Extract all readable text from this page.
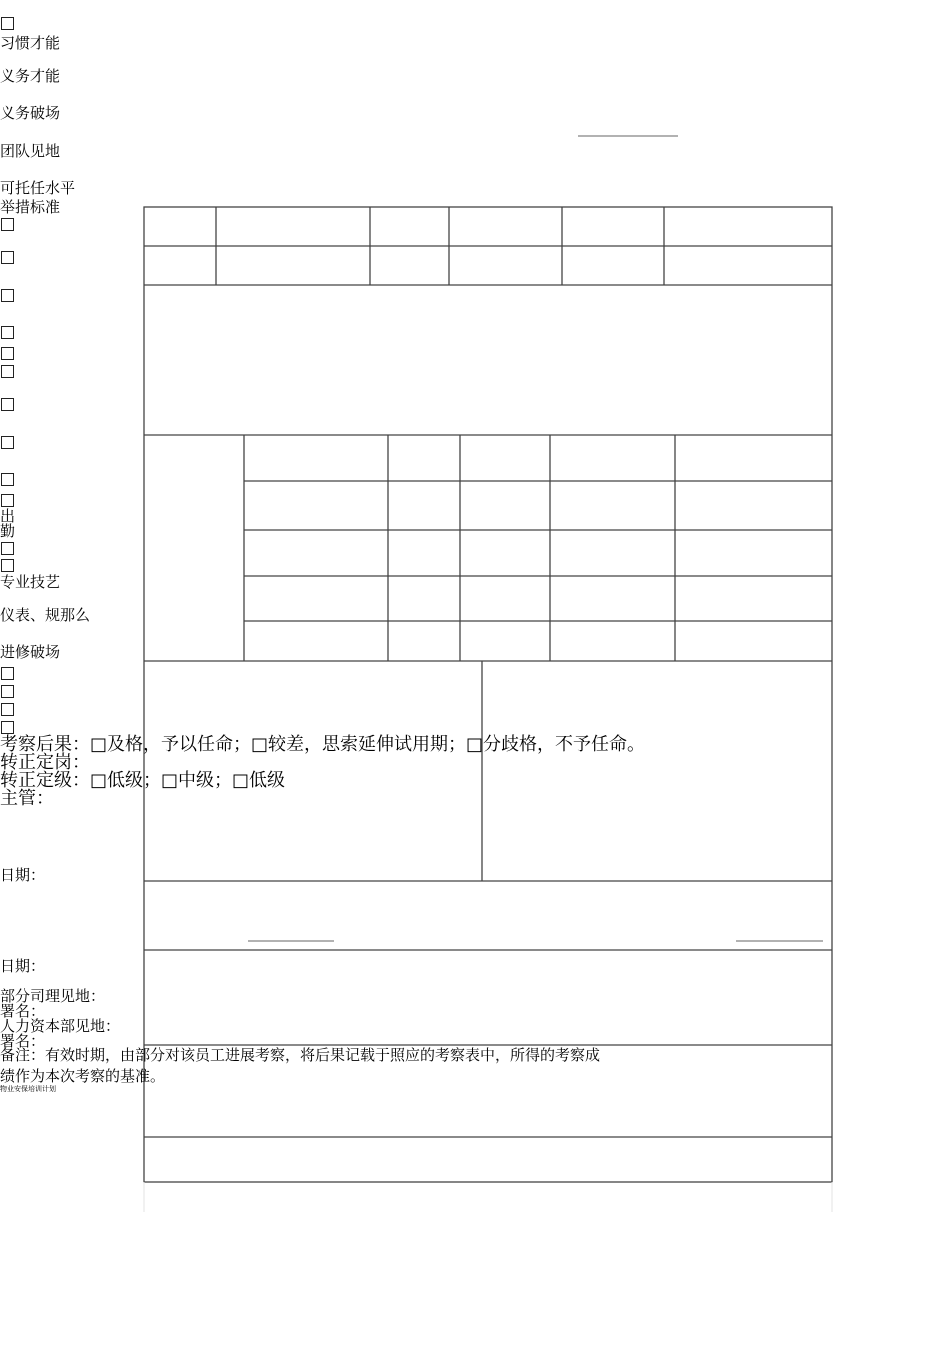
习惯才能
义务才能
义务破场
团队见地
可托任水平
举措标准
出
勤
专业技艺
仪表、规那么
进修破场
考察后果：□及格，予以任命；□较差，思索延伸试用期；□分歧格，不予任命。
转正定岗：
转正定级：□低级；□中级；□低级
主管：
日期：
日期：
部分司理见地：
署名：
人力资本部见地：
署名：
备注：有效时期，由部分对该员工进展考察，将后果记载于照应的考察表中，所得的考察成
绩作为本次考察的基准。
物业安保培训计划
